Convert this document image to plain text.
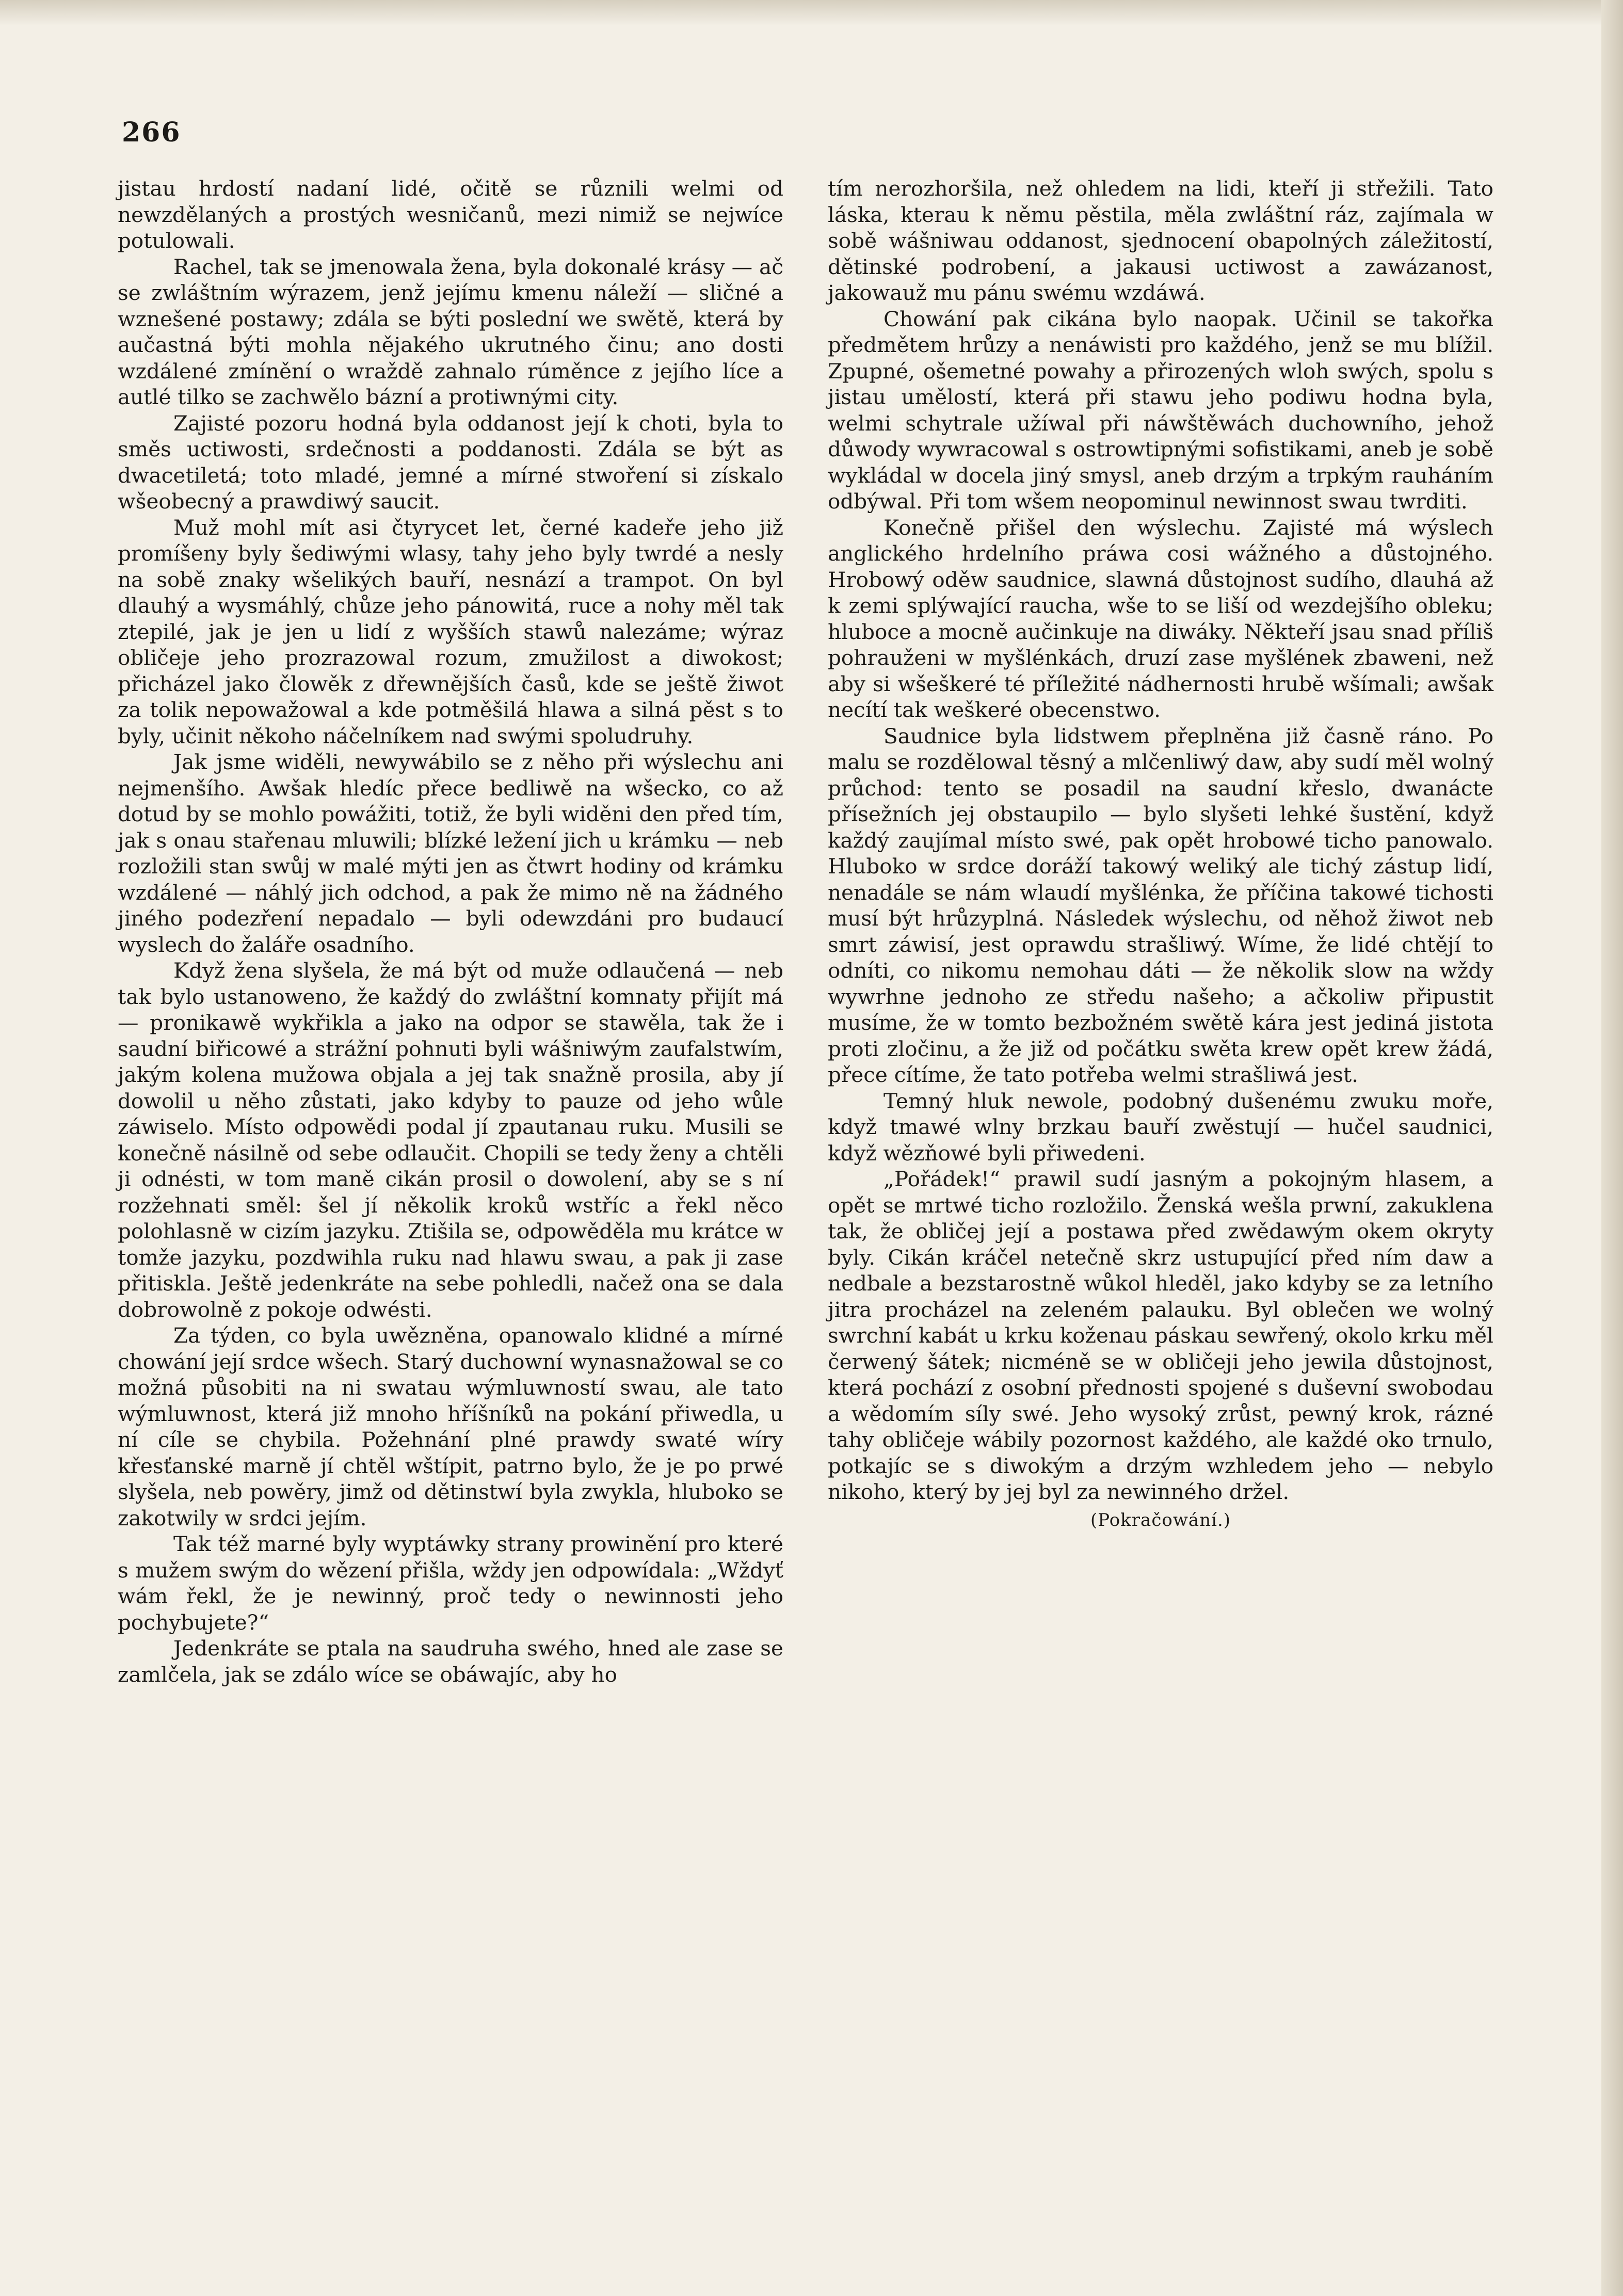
266

jistau hrdostí nadaní lidé, očitě se různili welmi od newzdělaných a prostých wesničanů, mezi nimiž se nejwíce potulowali.

Rachel, tak se jmenowala žena, byla dokonalé krásy — ač se zwláštním wýrazem, jenž jejímu kmenu náleží — sličné a wznešené postawy; zdála se býti poslední we swětě, která by aučastná býti mohla nějakého ukrutného činu; ano dosti wzdálené zmínění o wraždě zahnalo rúměnce z jejího líce a autlé tilko se zachwělo bázní a protiwnými city.

Zajisté pozoru hodná byla oddanost její k choti, byla to směs uctiwosti, srdečnosti a poddanosti. Zdála se být as dwacetiletá; toto mladé, jemné a mírné stwoření si získalo wšeobecný a prawdiwý saucit.

Muž mohl mít asi čtyrycet let, černé kadeře jeho již promíšeny byly šediwými wlasy, tahy jeho byly twrdé a nesly na sobě znaky wšelikých bauří, nesnází a trampot. On byl dlauhý a wysmáhlý, chůze jeho pánowitá, ruce a nohy měl tak ztepilé, jak je jen u lidí z wyšších stawů nalezáme; wýraz obličeje jeho prozrazowal rozum, zmužilost a diwokost; přicházel jako člowěk z dřewnějších časů, kde se ještě žiwot za tolik nepowažowal a kde potměšilá hlawa a silná pěst s to byly, učinit někoho náčelníkem nad swými spoludruhy.

Jak jsme widěli, newywábilo se z něho při wýslechu ani nejmenšího. Awšak hledíc přece bedliwě na wšecko, co až dotud by se mohlo powážiti, totiž, že byli widěni den před tím, jak s onau stařenau mluwili; blízké ležení jich u krámku — neb rozložili stan swůj w malé mýti jen as čtwrt hodiny od krámku wzdálené — náhlý jich odchod, a pak že mimo ně na žádného jiného podezření nepadalo — byli odewzdáni pro budaucí wyslech do žaláře osadního.

Když žena slyšela, že má být od muže odlaučená — neb tak bylo ustanoweno, že každý do zwláštní komnaty přijít má — pronikawě wykřikla a jako na odpor se stawěla, tak že i saudní biřicowé a strážní pohnuti byli wášniwým zaufalstwím, jakým kolena mužowa objala a jej tak snažně prosila, aby jí dowolil u něho zůstati, jako kdyby to pauze od jeho wůle záwiselo. Místo odpowědi podal jí zpautanau ruku. Musili se konečně násilně od sebe odlaučit. Chopili se tedy ženy a chtěli ji odnésti, w tom maně cikán prosil o dowolení, aby se s ní rozžehnati směl: šel jí několik kroků wstříc a řekl něco polohlasně w cizím jazyku. Ztišila se, odpowěděla mu krátce w tomže jazyku, pozdwihla ruku nad hlawu swau, a pak ji zase přitiskla. Ještě jedenkráte na sebe pohledli, načež ona se dala dobrowolně z pokoje odwésti.

Za týden, co byla uwězněna, opanowalo klidné a mírné chowání její srdce wšech. Starý duchowní wynasnažowal se co možná působiti na ni swatau wýmluwností swau, ale tato wýmluwnost, která již mnoho hříšníků na pokání přiwedla, u ní cíle se chybila. Požehnání plné prawdy swaté wíry křesťanské marně jí chtěl wštípit, patrno bylo, že je po prwé slyšela, neb powěry, jimž od dětinstwí byla zwykla, hluboko se zakotwily w srdci jejím.

Tak též marné byly wyptáwky strany prowinění pro které s mužem swým do wězení přišla, wždy jen odpowídala: „Wždyť wám řekl, že je newinný, proč tedy o newinnosti jeho pochybujete?“

Jedenkráte se ptala na saudruha swého, hned ale zase se zamlčela, jak se zdálo wíce se obáwajíc, aby ho

tím nerozhoršila, než ohledem na lidi, kteří ji střežili. Tato láska, kterau k němu pěstila, měla zwláštní ráz, zajímala w sobě wášniwau oddanost, sjednocení obapolných záležitostí, dětinské podrobení, a jakausi uctiwost a zawázanost, jakowauž mu pánu swému wzdáwá.

Chowání pak cikána bylo naopak. Učinil se takořka předmětem hrůzy a nenáwisti pro každého, jenž se mu blížil. Zpupné, ošemetné powahy a přirozených wloh swých, spolu s jistau umělostí, která při stawu jeho podiwu hodna byla, welmi schytrale užíwal při náwštěwách duchowního, jehož důwody wywracowal s ostrowtipnými sofistikami, aneb je sobě wykládal w docela jiný smysl, aneb drzým a trpkým rauháním odbýwal. Při tom wšem neopominul newinnost swau twrditi.

Konečně přišel den wýslechu. Zajisté má wýslech anglického hrdelního práwa cosi wážného a důstojného. Hrobowý oděw saudnice, slawná důstojnost sudího, dlauhá až k zemi splýwající raucha, wše to se liší od wezdejšího obleku; hluboce a mocně aučinkuje na diwáky. Někteří jsau snad příliš pohrauženi w myšlénkách, druzí zase myšlének zbaweni, než aby si wšeškeré té příležité nádhernosti hrubě wšímali; awšak necítí tak weškeré obecenstwo.

Saudnice byla lidstwem přeplněna již časně ráno. Po malu se rozdělowal těsný a mlčenliwý daw, aby sudí měl wolný průchod: tento se posadil na saudní křeslo, dwanácte přísežních jej obstaupilo — bylo slyšeti lehké šustění, když každý zaujímal místo swé, pak opět hrobowé ticho panowalo. Hluboko w srdce doráží takowý weliký ale tichý zástup lidí, nenadále se nám wlaudí myšlénka, že příčina takowé tichosti musí být hrůzyplná. Následek wýslechu, od něhož žiwot neb smrt záwisí, jest oprawdu strašliwý. Wíme, že lidé chtějí to odníti, co nikomu nemohau dáti — že několik slow na wždy wywrhne jednoho ze středu našeho; a ačkoliw připustit musíme, že w tomto bezbožném swětě kára jest jediná jistota proti zločinu, a že již od počátku swěta krew opět krew žádá, přece cítíme, že tato potřeba welmi strašliwá jest.

Temný hluk newole, podobný dušenému zwuku moře, když tmawé wlny brzkau bauří zwěstují — hučel saudnici, když wězňowé byli přiwedeni.

„Pořádek!“ prawil sudí jasným a pokojným hlasem, a opět se mrtwé ticho rozložilo. Ženská wešla prwní, zakuklena tak, že obličej její a postawa před zwědawým okem okryty byly. Cikán kráčel netečně skrz ustupující před ním daw a nedbale a bezstarostně wůkol hleděl, jako kdyby se za letního jitra procházel na zeleném palauku. Byl oblečen we wolný swrchní kabát u krku koženau páskau sewřený, okolo krku měl čerwený šátek; nicméně se w obličeji jeho jewila důstojnost, která pochází z osobní přednosti spojené s duševní swobodau a wědomím síly swé. Jeho wysoký zrůst, pewný krok, rázné tahy obličeje wábily pozornost každého, ale každé oko trnulo, potkajíc se s diwokým a drzým wzhledem jeho — nebylo nikoho, který by jej byl za newinného držel.

(Pokračowání.)
